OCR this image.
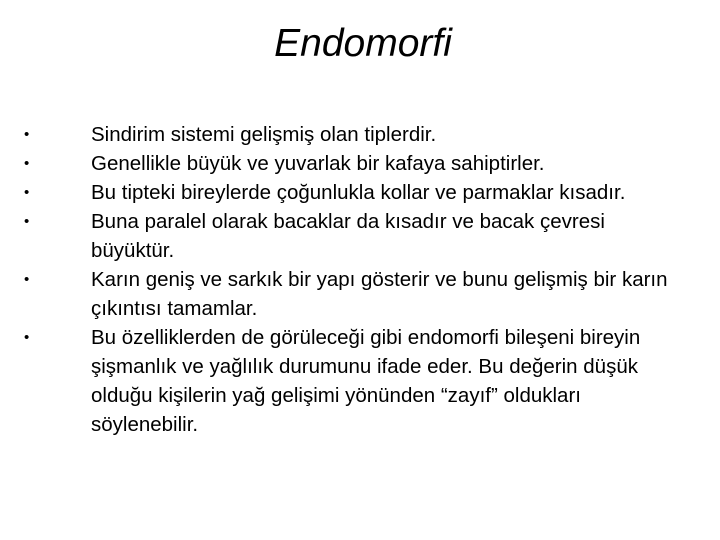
Endomorfi
•	Sindirim sistemi gelişmiş olan tiplerdir.
•	Genellikle büyük ve yuvarlak bir kafaya sahiptirler.
•	Bu tipteki bireylerde çoğunlukla kollar ve parmaklar kısadır.
•	Buna paralel olarak bacaklar da kısadır ve bacak çevresi büyüktür.
•	Karın geniş ve sarkık bir yapı gösterir ve bunu gelişmiş bir karın çıkıntısı tamamlar.
•	Bu özelliklerden de görüleceği gibi endomorfi bileşeni bireyin şişmanlık ve yağlılık durumunu ifade eder. Bu değerin düşük olduğu kişilerin yağ gelişimi yönünden “zayıf” oldukları söylenebilir.
